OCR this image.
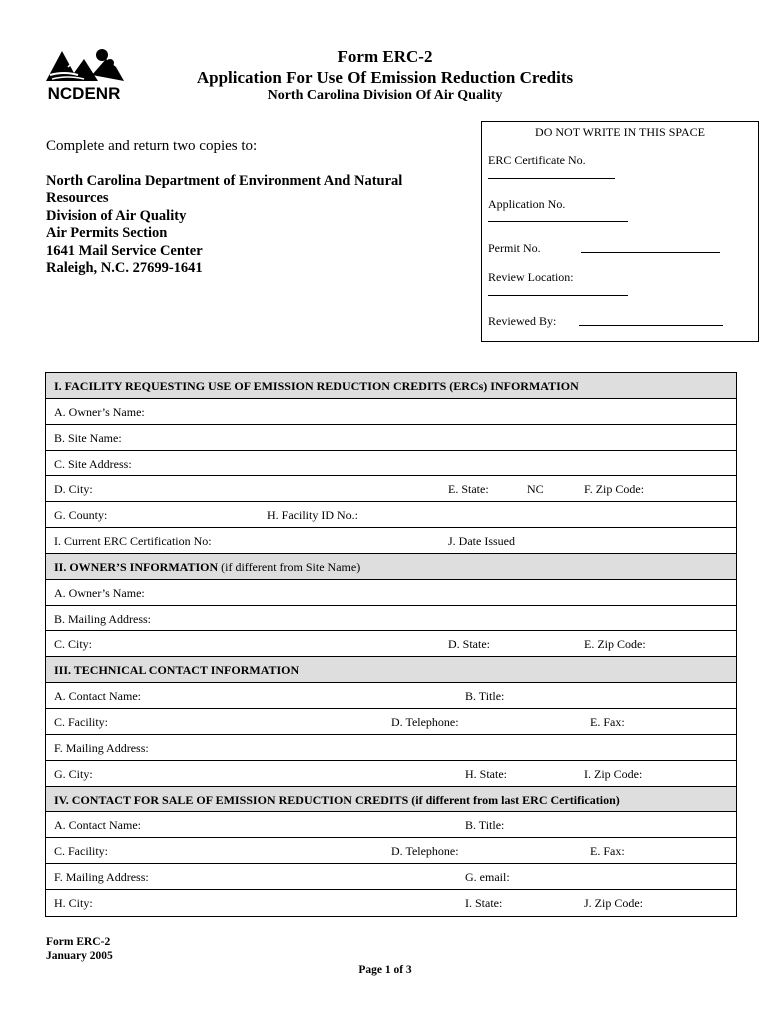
NCDENR
Form ERC-2
Application For Use Of Emission Reduction Credits
North Carolina Division Of Air Quality
Complete and return two copies to:
North Carolina Department of Environment And Natural
Resources
Division of Air Quality
Air Permits Section
1641 Mail Service Center
Raleigh, N.C. 27699-1641
DO NOT WRITE IN THIS SPACE
ERC Certificate No.
Application No.
Permit No.
Review Location:
Reviewed By:
I. FACILITY REQUESTING USE OF EMISSION REDUCTION CREDITS (ERCs) INFORMATION
A. Owner’s Name:
B. Site Name:
C. Site Address:
D. City:	E. State:	NC	F. Zip Code:
G. County:	H. Facility ID No.:
I. Current ERC Certification No:	J. Date Issued
II. OWNER’S INFORMATION (if different from Site Name)
A. Owner’s Name:
B. Mailing Address:
C. City:	D. State:	E. Zip Code:
III. TECHNICAL CONTACT INFORMATION
A. Contact Name:	B. Title:
C. Facility:	D. Telephone:	E. Fax:
F. Mailing Address:
G. City:	H. State:	I. Zip Code:
IV. CONTACT FOR SALE OF EMISSION REDUCTION CREDITS (if different from last ERC Certification)
A. Contact Name:	B. Title:
C. Facility:	D. Telephone:	E. Fax:
F. Mailing Address:	G. email:
H. City:	I. State:	J. Zip Code:
Form ERC-2
January 2005
Page 1 of 3
